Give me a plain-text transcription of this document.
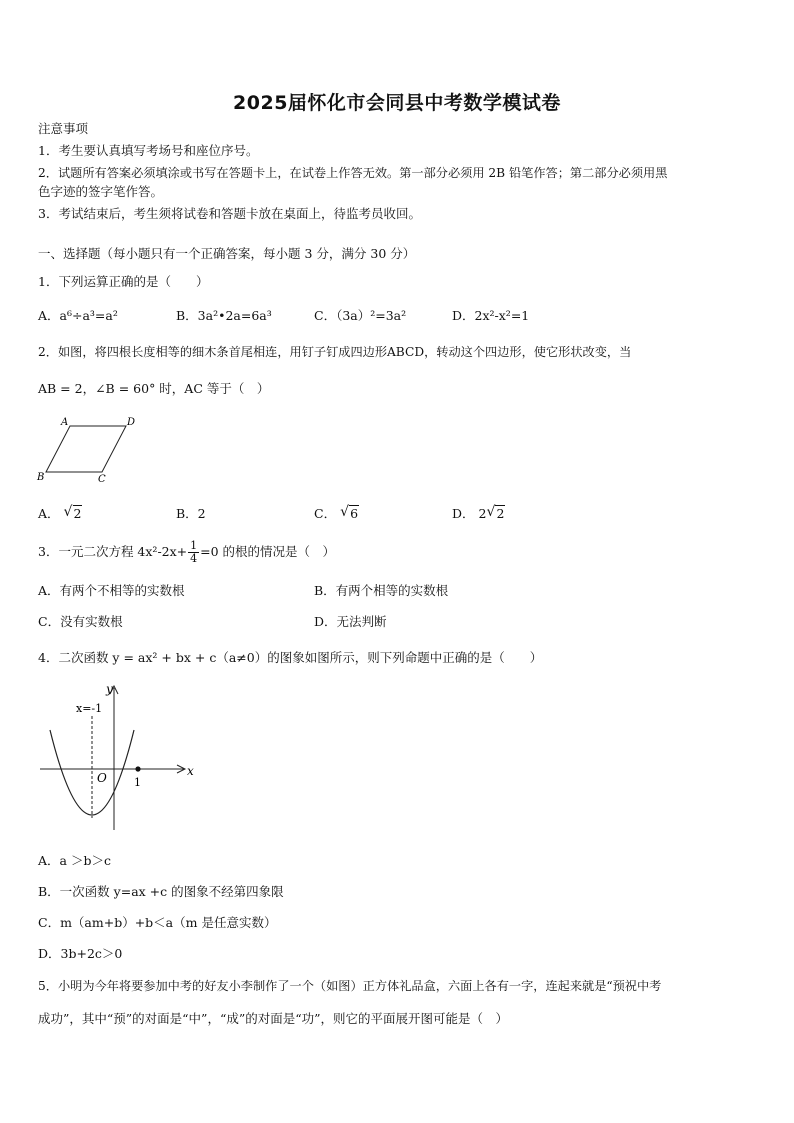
2025届怀化市会同县中考数学模试卷
注意事项
1．考生要认真填写考场号和座位序号。
2．试题所有答案必须填涂或书写在答题卡上，在试卷上作答无效。第一部分必须用 2B 铅笔作答；第二部分必须用黑
色字迹的签字笔作答。
3．考试结束后，考生须将试卷和答题卡放在桌面上，待监考员收回。
一、选择题（每小题只有一个正确答案，每小题 3 分，满分 30 分）
1．下列运算正确的是（　　）
A．a⁶÷a³=a²	B．3a²•2a=6a³	C．（3a）²=3a²	D．2x²-x²=1
2．如图，将四根长度相等的细木条首尾相连，用钉子钉成四边形ABCD，转动这个四边形，使它形状改变，当
AB = 2，∠B = 60° 时，AC 等于（　）
A	D
B	C
A． √ 2	B．2	C． √ 6	D． 2 √ 2
3．一元二次方程 $4x^2-2x+ \frac{1}{4} =0$ 的根的情况是（　）
A．有两个不相等的实数根	B．有两个相等的实数根
C．没有实数根	D．无法判断
4．二次函数 y = ax² + bx + c（a≠0）的图象如图所示，则下列命题中正确的是（　　）
y
x
x=-1
O 1
A．a ＞b＞c
B．一次函数 y=ax +c 的图象不经第四象限
C．m（am+b）+b＜a（m 是任意实数）
D．3b+2c＞0
5．小明为今年将要参加中考的好友小李制作了一个（如图）正方体礼品盒，六面上各有一字，连起来就是“预祝中考
成功”，其中“预”的对面是“中”，“成”的对面是“功”，则它的平面展开图可能是（　）
